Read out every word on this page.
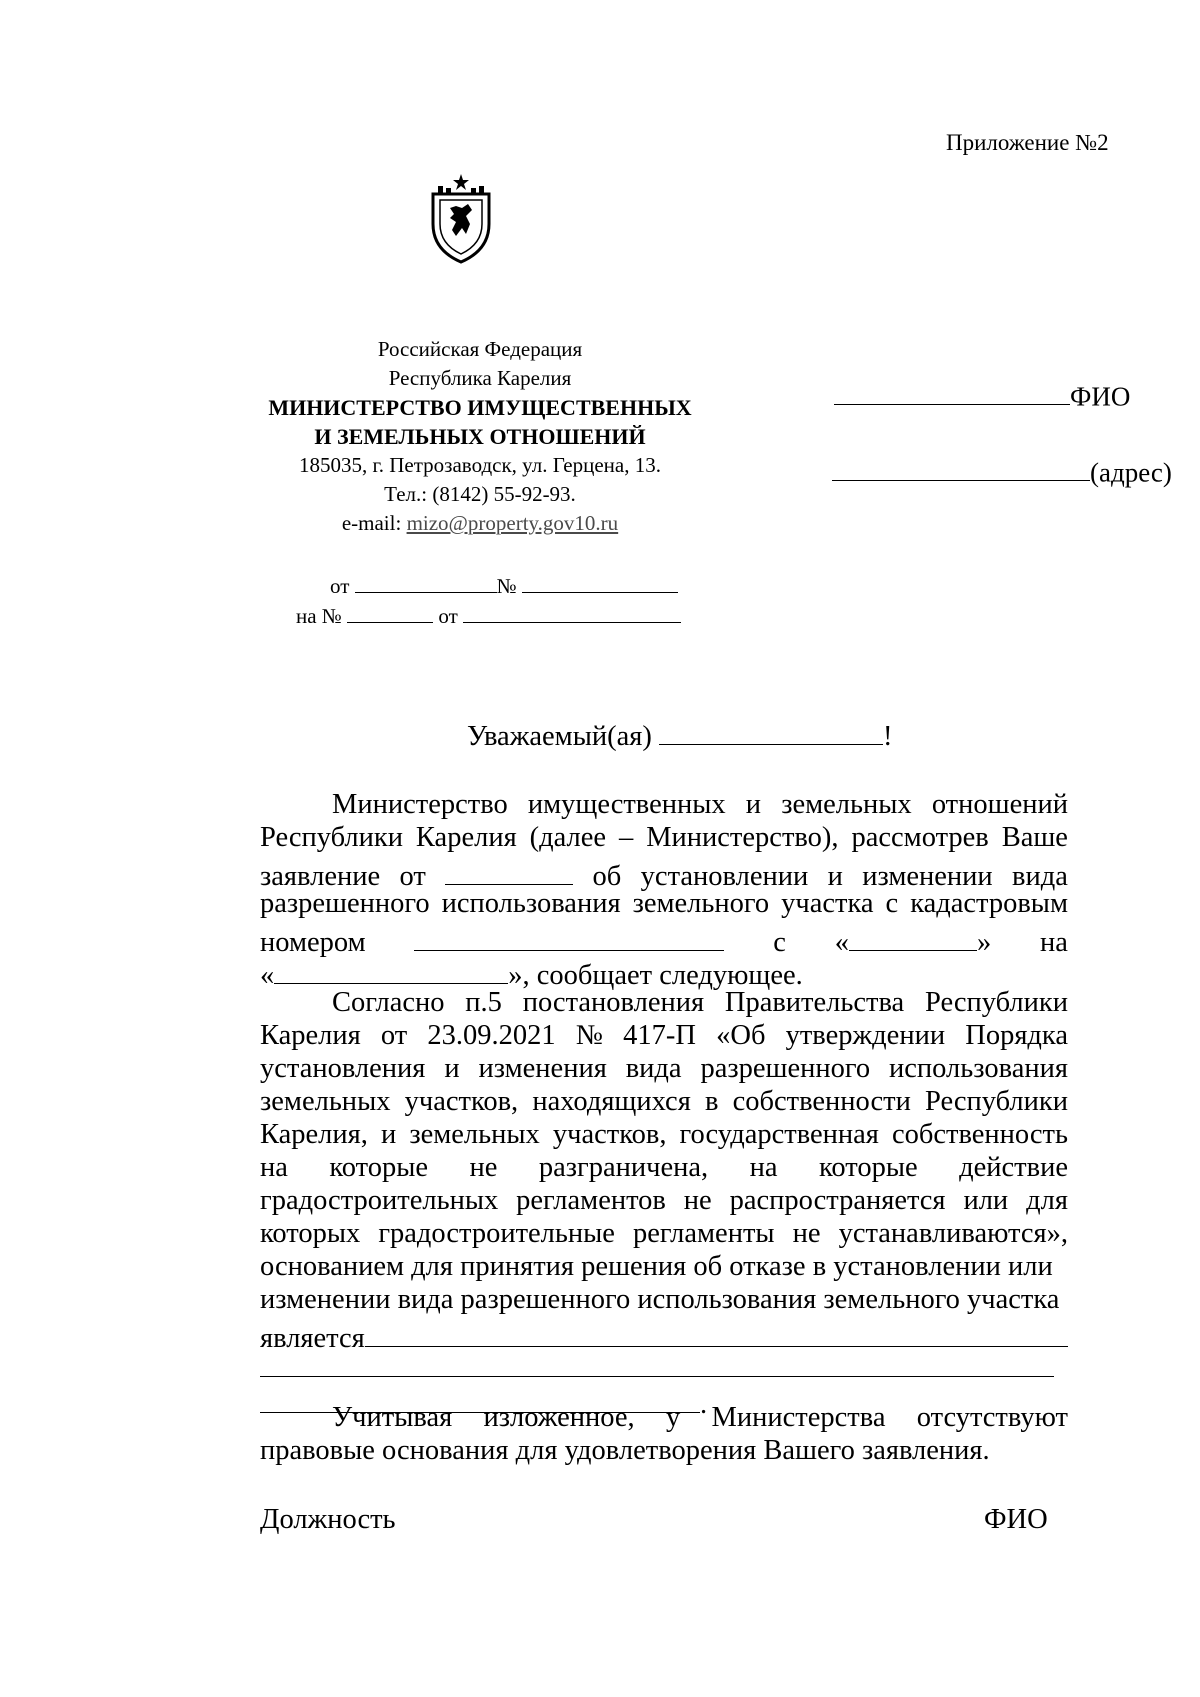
Приложение №2
Российская Федерация
Республика Карелия
МИНИСТЕРСТВО ИМУЩЕСТВЕННЫХ
И ЗЕМЕЛЬНЫХ ОТНОШЕНИЙ
185035, г. Петрозаводск, ул. Герцена, 13.
Тел.: (8142) 55-92-93.
e-mail: mizo@property.gov10.ru
от	№
на №	от
ФИО
(адрес)
Уважаемый(ая)	!
Министерство имущественных и земельных отношений
Республики Карелия (далее – Министерство), рассмотрев Ваше
заявление от	об установлении и изменении вида
разрешенного использования земельного участка с кадастровым
номером	с «	» на
«	», сообщает следующее.
Согласно п.5 постановления Правительства Республики
Карелия от 23.09.2021 № 417-П «Об утверждении Порядка
установления и изменения вида разрешенного использования
земельных участков, находящихся в собственности Республики
Карелия, и земельных участков, государственная собственность
на которые не разграничена, на которые действие
градостроительных регламентов не распространяется или для
которых градостроительные регламенты не устанавливаются»,
основанием для принятия решения об отказе в установлении или
изменении вида разрешенного использования земельного участка
является
.
Учитывая изложенное, у Министерства отсутствуют
правовые основания для удовлетворения Вашего заявления.
Должность	ФИО
